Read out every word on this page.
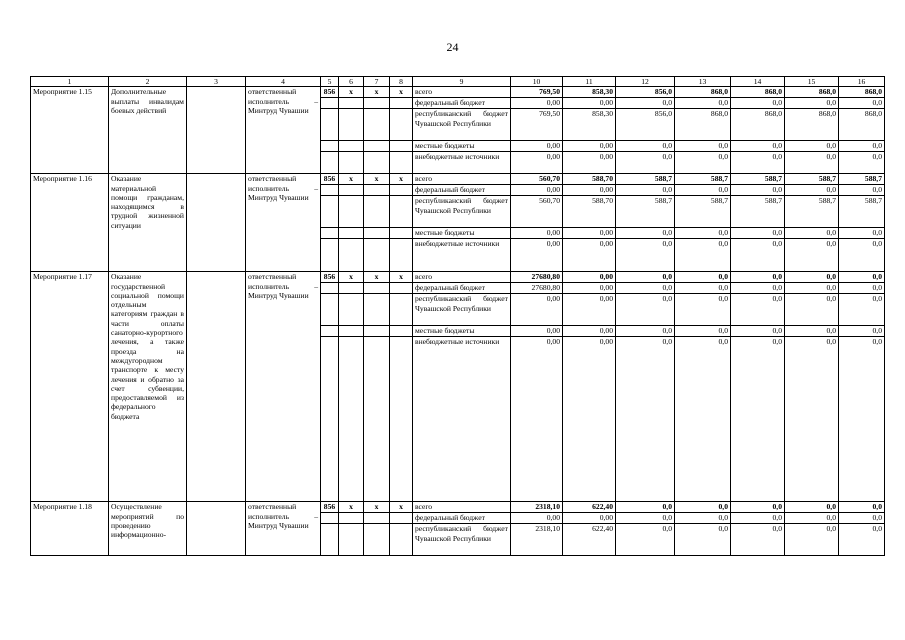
24
1	2	3	4	5	6	7	8	9	10	11	12	13	14	15	16
Мероприятие 1.15	Дополнительные выплаты инвалидам боевых действий		ответственный исполнитель – Минтруд Чувашии	856	x	x	x	всего	769,50	858,30	856,0	868,0	868,0	868,0	868,0
								федеральный бюджет	0,00	0,00	0,0	0,0	0,0	0,0	0,0
								республиканский бюджет Чувашской Республики	769,50	858,30	856,0	868,0	868,0	868,0	868,0
								местные бюджеты	0,00	0,00	0,0	0,0	0,0	0,0	0,0
								внебюджетные источники	0,00	0,00	0,0	0,0	0,0	0,0	0,0
Мероприятие 1.16	Оказание материальной помощи гражданам, находящимся в трудной жизненной ситуации		ответственный исполнитель – Минтруд Чувашии	856	x	x	x	всего	560,70	588,70	588,7	588,7	588,7	588,7	588,7
								федеральный бюджет	0,00	0,00	0,0	0,0	0,0	0,0	0,0
								республиканский бюджет Чувашской Республики	560,70	588,70	588,7	588,7	588,7	588,7	588,7
								местные бюджеты	0,00	0,00	0,0	0,0	0,0	0,0	0,0
								внебюджетные источники	0,00	0,00	0,0	0,0	0,0	0,0	0,0
Мероприятие 1.17	Оказание государственной социальной помощи отдельным категориям граждан в части оплаты санаторно-курортного лечения, а также проезда на междугородном транспорте к месту лечения и обратно за счет субвенции, предоставляемой из федерального бюджета		ответственный исполнитель – Минтруд Чувашии	856	x	x	x	всего	27680,80	0,00	0,0	0,0	0,0	0,0	0,0
								федеральный бюджет	27680,80	0,00	0,0	0,0	0,0	0,0	0,0
								республиканский бюджет Чувашской Республики	0,00	0,00	0,0	0,0	0,0	0,0	0,0
								местные бюджеты	0,00	0,00	0,0	0,0	0,0	0,0	0,0
								внебюджетные источники	0,00	0,00	0,0	0,0	0,0	0,0	0,0
Мероприятие 1.18	Осуществление мероприятий по проведению информационно-		ответственный исполнитель – Минтруд Чувашии	856	x	x	x	всего	2318,10	622,40	0,0	0,0	0,0	0,0	0,0
								федеральный бюджет	0,00	0,00	0,0	0,0	0,0	0,0	0,0
								республиканский бюджет Чувашской Республики	2318,10	622,40	0,0	0,0	0,0	0,0	0,0
